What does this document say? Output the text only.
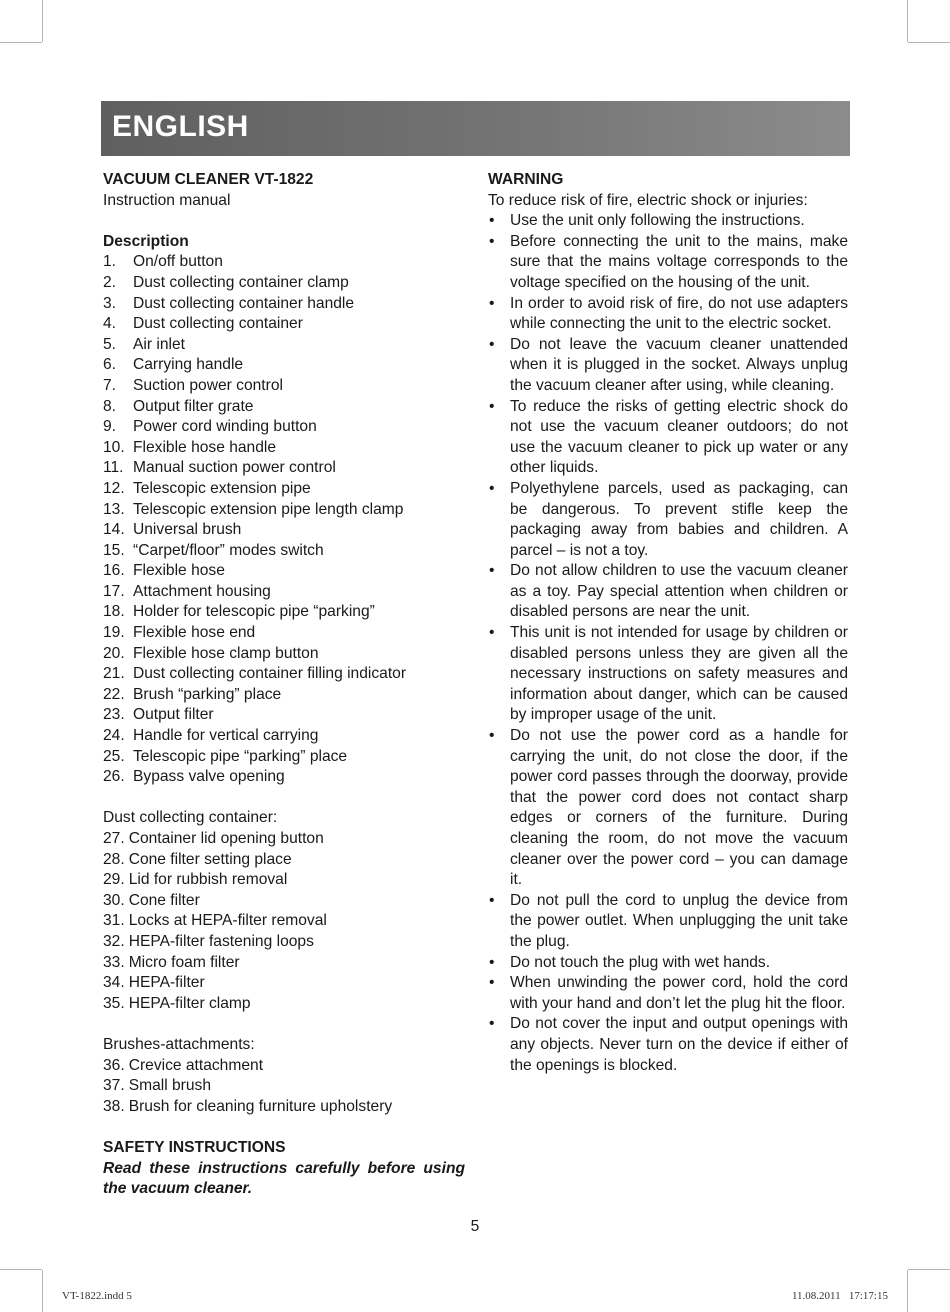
ENGLISH
VACUUM CLEANER VT-1822
Instruction manual
Description
1.	On/off button
2.	Dust collecting container clamp
3.	Dust collecting container handle
4.	Dust collecting container
5.	Air inlet
6.	Carrying handle
7.	Suction power control
8.	Output filter grate
9.	Power cord winding button
10. Flexible hose handle
11. Manual suction power control
12. Telescopic extension pipe
13. Telescopic extension pipe length clamp
14. Universal brush
15. “Carpet/floor” modes switch
16. Flexible hose
17. Attachment housing
18. Holder for telescopic pipe “parking”
19. Flexible hose end
20. Flexible hose clamp button
21. Dust collecting container filling indicator
22. Brush “parking” place
23. Output filter
24. Handle for vertical carrying
25. Telescopic pipe “parking” place
26. Bypass valve opening
Dust collecting container:
27. Container lid opening button
28. Cone filter setting place
29. Lid for rubbish removal
30. Cone filter
31. Locks at HEPA-filter removal
32. HEPA-filter fastening loops
33. Micro foam filter
34. HEPA-filter
35. HEPA-filter clamp
Brushes-attachments:
36. Crevice attachment
37. Small brush
38. Brush for cleaning furniture upholstery
SAFETY INSTRUCTIONS
Read these instructions carefully before using the vacuum cleaner.
WARNING
To reduce risk of fire, electric shock or injuries:
• Use the unit only following the instructions.
• Before connecting the unit to the mains, make sure that the mains voltage corresponds to the voltage specified on the housing of the unit.
• In order to avoid risk of fire, do not use adapters while connecting the unit to the electric socket.
• Do not leave the vacuum cleaner unattended when it is plugged in the socket. Always unplug the vacuum cleaner after using, while cleaning.
• To reduce the risks of getting electric shock do not use the vacuum cleaner outdoors; do not use the vacuum cleaner to pick up water or any other liquids.
• Polyethylene parcels, used as packaging, can be dangerous. To prevent stifle keep the packaging away from babies and children. A parcel – is not a toy.
• Do not allow children to use the vacuum cleaner as a toy. Pay special attention when children or disabled persons are near the unit.
• This unit is not intended for usage by children or disabled persons unless they are given all the necessary instructions on safety measures and information about danger, which can be caused by improper usage of the unit.
• Do not use the power cord as a handle for carrying the unit, do not close the door, if the power cord passes through the doorway, provide that the power cord does not contact sharp edges or corners of the furniture. During cleaning the room, do not move the vacuum cleaner over the power cord – you can damage it.
• Do not pull the cord to unplug the device from the power outlet. When unplugging the unit take the plug.
• Do not touch the plug with wet hands.
• When unwinding the power cord, hold the cord with your hand and don’t let the plug hit the floor.
• Do not cover the input and output openings with any objects. Never turn on the device if either of the openings is blocked.
5
VT-1822.indd 5	11.08.2011 17:17:15
